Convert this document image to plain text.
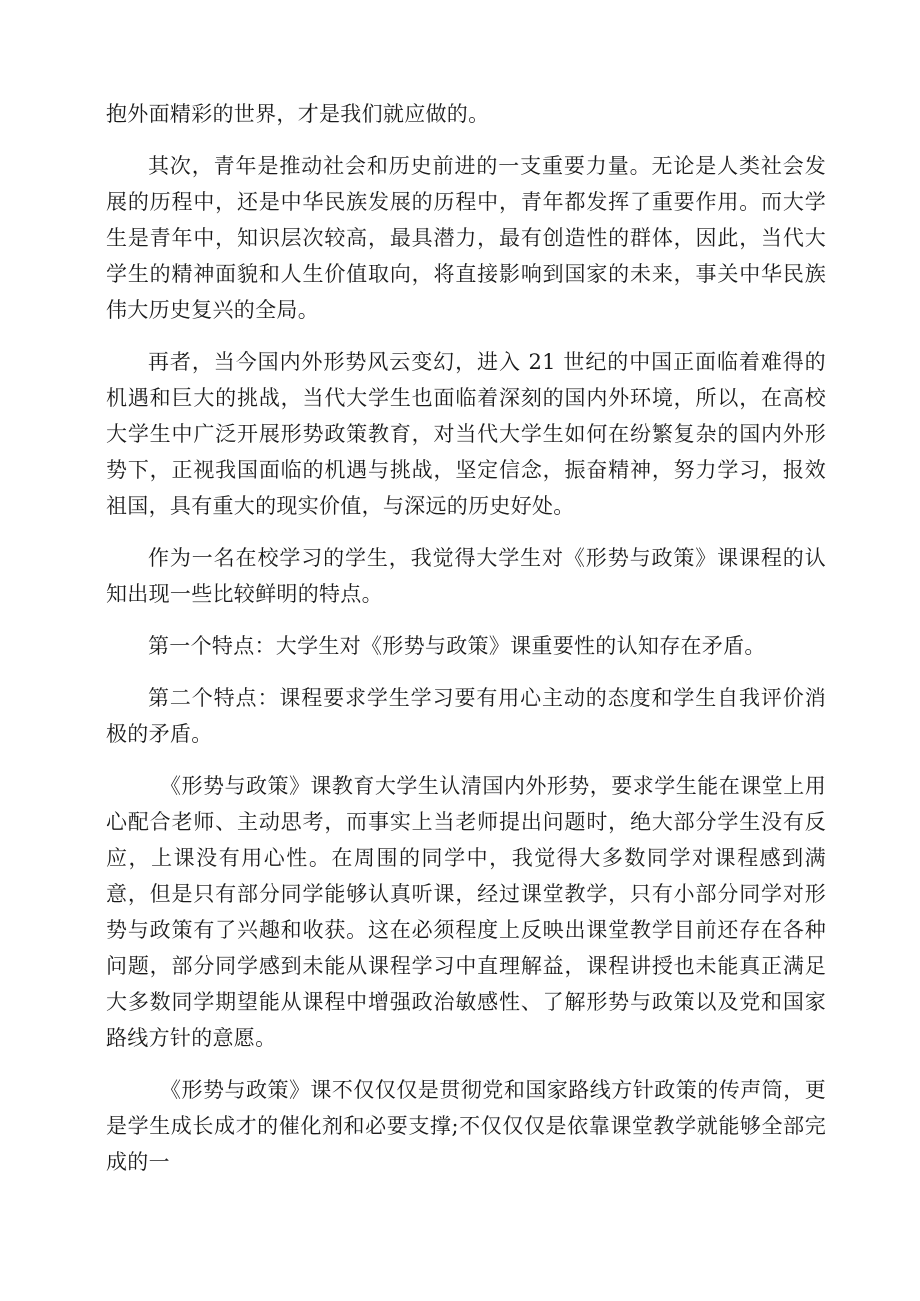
抱外面精彩的世界，才是我们就应做的。

其次，青年是推动社会和历史前进的一支重要力量。无论是人类社会发展的历程中，还是中华民族发展的历程中，青年都发挥了重要作用。而大学生是青年中，知识层次较高，最具潜力，最有创造性的群体，因此，当代大学生的精神面貌和人生价值取向，将直接影响到国家的未来，事关中华民族伟大历史复兴的全局。

再者，当今国内外形势风云变幻，进入 21 世纪的中国正面临着难得的机遇和巨大的挑战，当代大学生也面临着深刻的国内外环境，所以，在高校大学生中广泛开展形势政策教育，对当代大学生如何在纷繁复杂的国内外形势下，正视我国面临的机遇与挑战，坚定信念，振奋精神，努力学习，报效祖国，具有重大的现实价值，与深远的历史好处。

作为一名在校学习的学生，我觉得大学生对《形势与政策》课课程的认知出现一些比较鲜明的特点。

第一个特点：大学生对《形势与政策》课重要性的认知存在矛盾。

第二个特点：课程要求学生学习要有用心主动的态度和学生自我评价消极的矛盾。

《形势与政策》课教育大学生认清国内外形势，要求学生能在课堂上用心配合老师、主动思考，而事实上当老师提出问题时，绝大部分学生没有反应，上课没有用心性。在周围的同学中，我觉得大多数同学对课程感到满意，但是只有部分同学能够认真听课，经过课堂教学，只有小部分同学对形势与政策有了兴趣和收获。这在必须程度上反映出课堂教学目前还存在各种问题，部分同学感到未能从课程学习中直理解益，课程讲授也未能真正满足大多数同学期望能从课程中增强政治敏感性、了解形势与政策以及党和国家路线方针的意愿。

《形势与政策》课不仅仅仅是贯彻党和国家路线方针政策的传声筒，更是学生成长成才的催化剂和必要支撑;不仅仅仅是依靠课堂教学就能够全部完成的一
